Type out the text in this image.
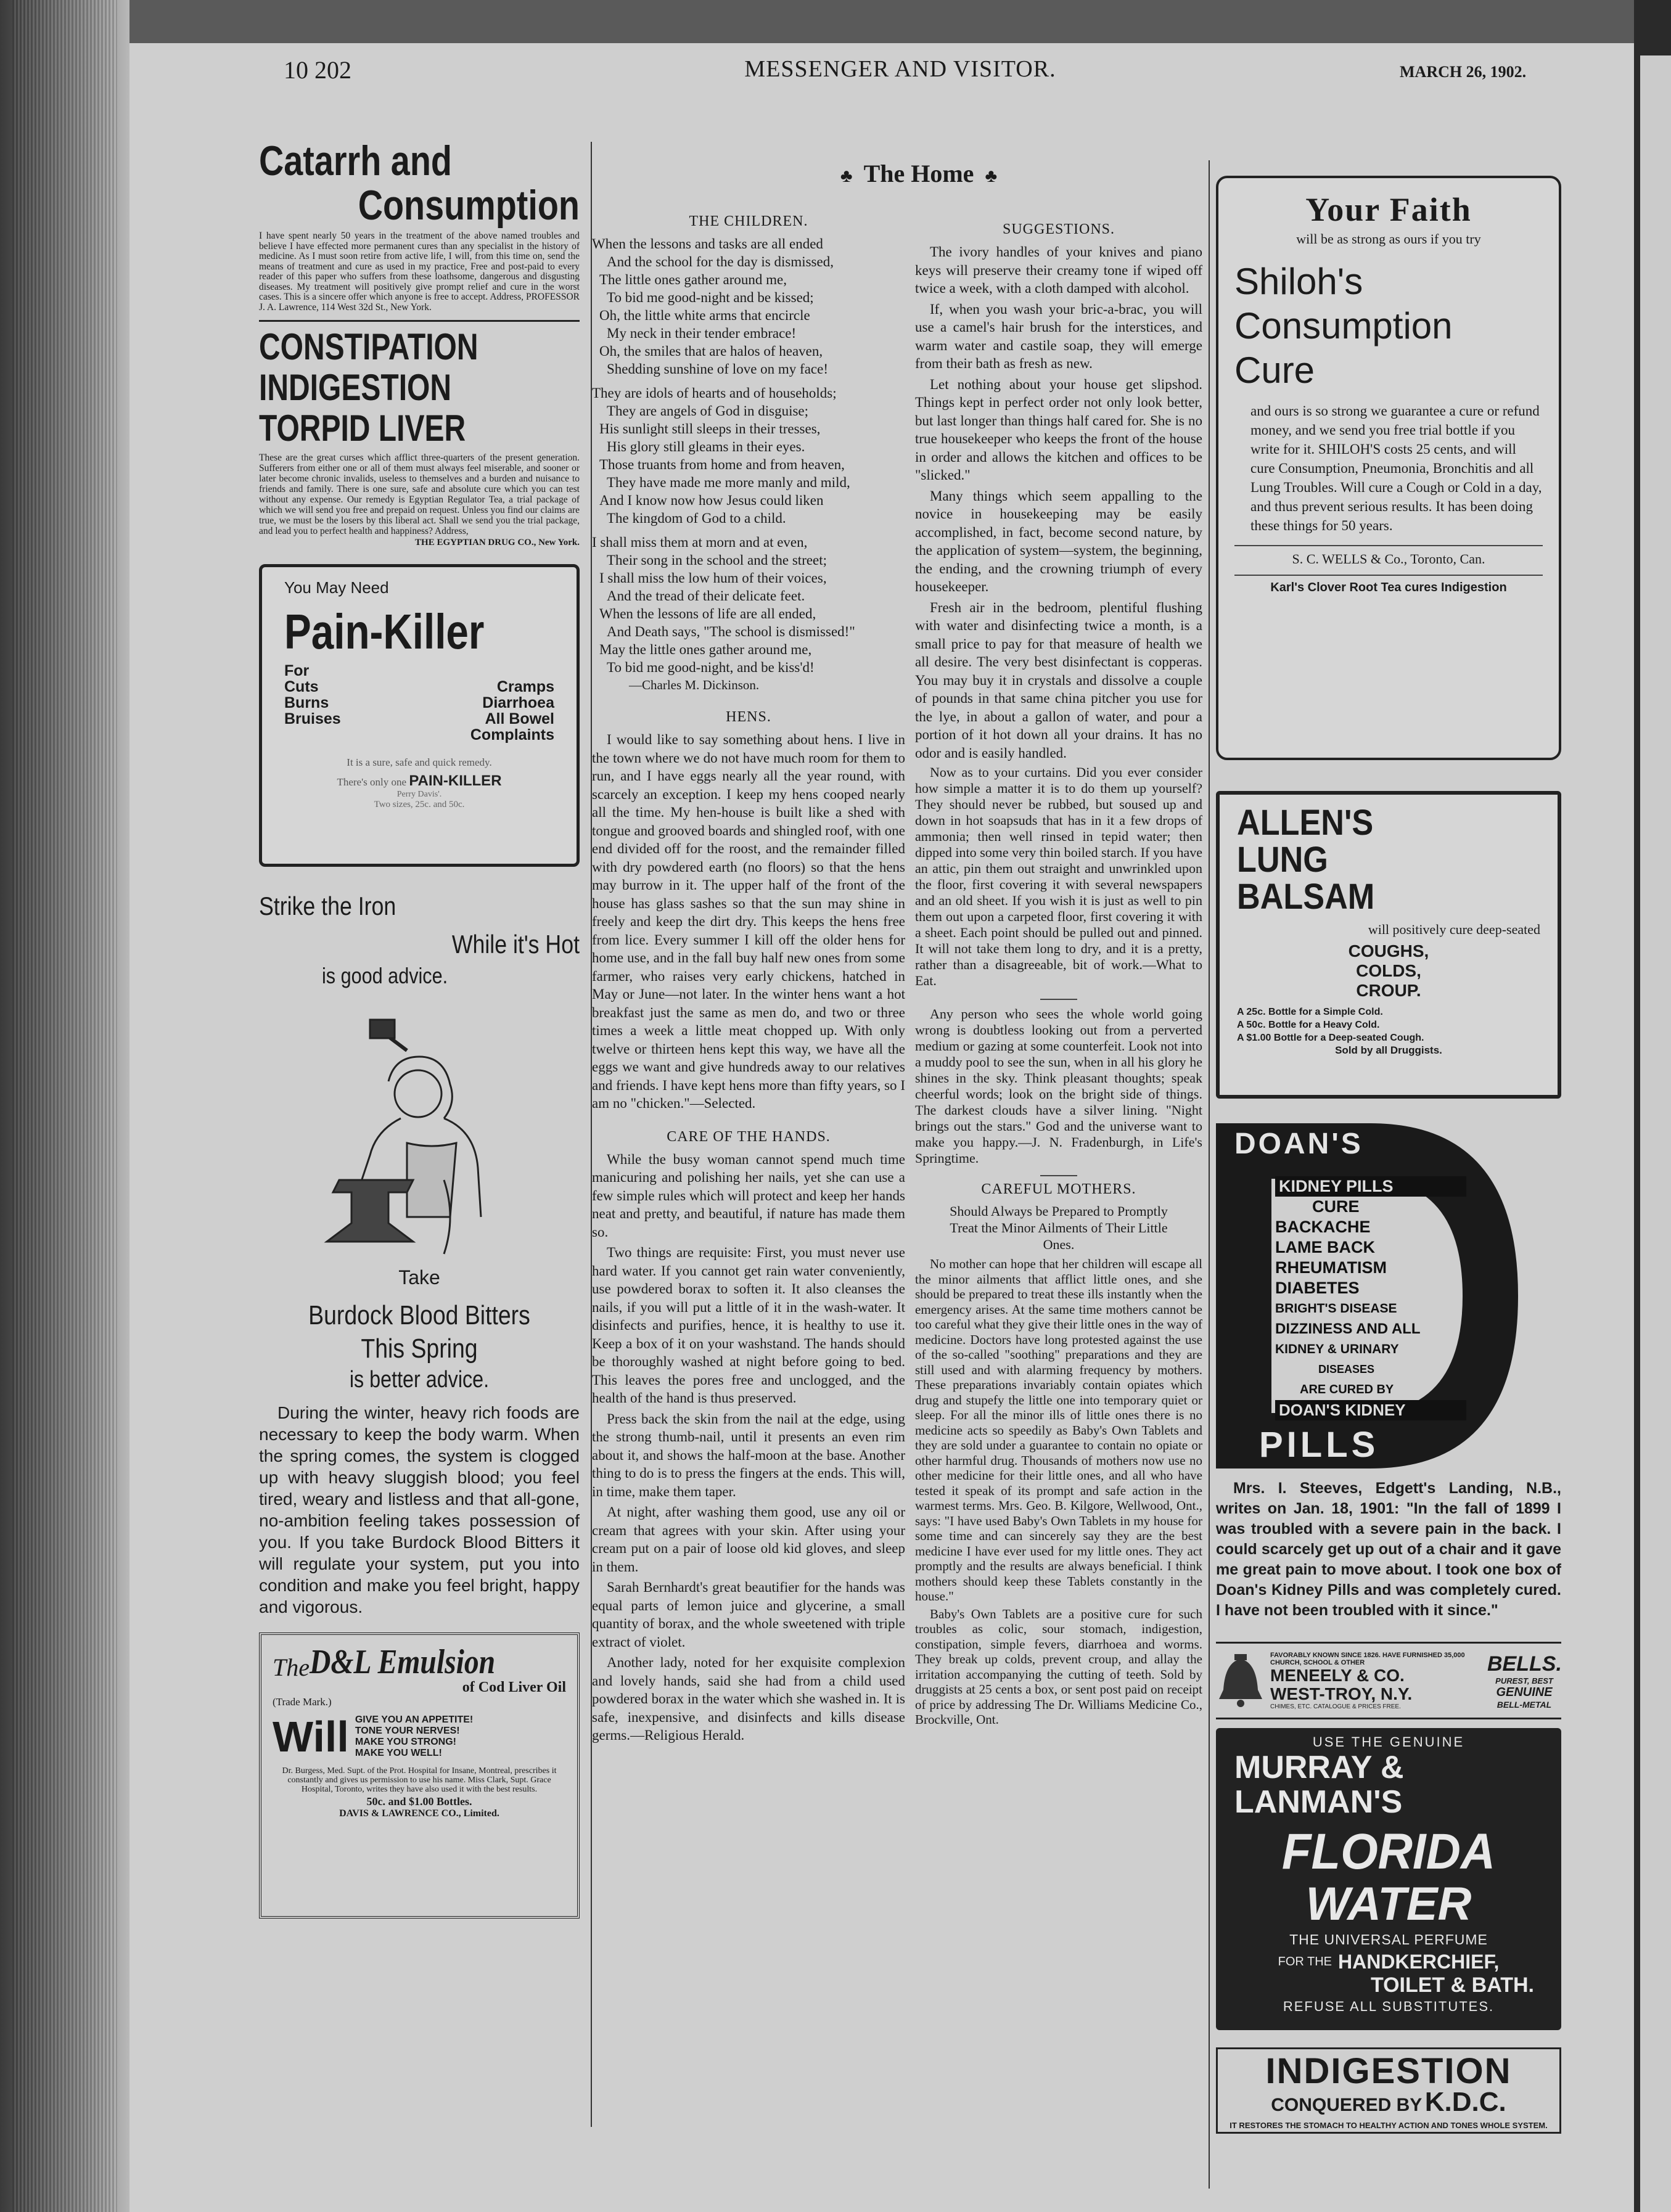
10 202	MESSENGER AND VISITOR.	MARCH 26, 1902.
Catarrh and
Consumption
I have spent nearly 50 years in the treatment of the above named troubles and believe I have effected more permanent cures than any specialist in the history of medicine. As I must soon retire from active life, I will, from this time on, send the means of treatment and cure as used in my practice, Free and post-paid to every reader of this paper who suffers from these loathsome, dangerous and disgusting diseases. My treatment will positively give prompt relief and cure in the worst cases. This is a sincere offer which anyone is free to accept. Address, PROFESSOR J. A. Lawrence, 114 West 32d St., New York.
CONSTIPATION
INDIGESTION
TORPID LIVER
These are the great curses which afflict three-quarters of the present generation. Sufferers from either one or all of them must always feel miserable, and sooner or later become chronic invalids, useless to themselves and a burden and nuisance to friends and family. There is one sure, safe and absolute cure which you can test without any expense. Our remedy is Egyptian Regulator Tea, a trial package of which we will send you free and prepaid on request. Unless you find our claims are true, we must be the losers by this liberal act. Shall we send you the trial package, and lead you to perfect health and happiness? Address,
THE EGYPTIAN DRUG CO., New York.
You May Need
Pain-Killer
For
Cuts
Burns
Bruises
Cramps
Diarrhoea
All Bowel
Complaints
It is a sure, safe and quick remedy.
There's only one PAIN-KILLER
Perry Davis'.
Two sizes, 25c. and 50c.
Strike the Iron
While it's Hot
is good advice.
Take
Burdock Blood Bitters
This Spring
is better advice.
During the winter, heavy rich foods are necessary to keep the body warm. When the spring comes, the system is clogged up with heavy sluggish blood; you feel tired, weary and listless and that all-gone, no-ambition feeling takes possession of you. If you take Burdock Blood Bitters it will regulate your system, put you into condition and make you feel bright, happy and vigorous.
The D&L Emulsion
of Cod Liver Oil
(Trade Mark.)
Will GIVE YOU AN APPETITE!
TONE YOUR NERVES!
MAKE YOU STRONG!
MAKE YOU WELL!
Dr. Burgess, Med. Supt. of the Prot. Hospital for Insane, Montreal, prescribes it constantly and gives us permission to use his name. Miss Clark, Supt. Grace Hospital, Toronto, writes they have also used it with the best results.
50c. and $1.00 Bottles.
DAVIS & LAWRENCE CO., Limited.
♣ The Home ♣
THE CHILDREN.
When the lessons and tasks are all ended
And the school for the day is dismissed,
The little ones gather around me,
To bid me good-night and be kissed;
Oh, the little white arms that encircle
My neck in their tender embrace!
Oh, the smiles that are halos of heaven,
Shedding sunshine of love on my face!
They are idols of hearts and of households;
They are angels of God in disguise;
His sunlight still sleeps in their tresses,
His glory still gleams in their eyes.
Those truants from home and from heaven,
They have made me more manly and mild,
And I know now how Jesus could liken
The kingdom of God to a child.
I shall miss them at morn and at even,
Their song in the school and the street;
I shall miss the low hum of their voices,
And the tread of their delicate feet.
When the lessons of life are all ended,
And Death says, "The school is dismissed!"
May the little ones gather around me,
To bid me good-night, and be kiss'd!
—Charles M. Dickinson.
HENS.
I would like to say something about hens. I live in the town where we do not have much room for them to run, and I have eggs nearly all the year round, with scarcely an exception. I keep my hens cooped nearly all the time. My hen-house is built like a shed with tongue and grooved boards and shingled roof, with one end divided off for the roost, and the remainder filled with dry powdered earth (no floors) so that the hens may burrow in it. The upper half of the front of the house has glass sashes so that the sun may shine in freely and keep the dirt dry. This keeps the hens free from lice. Every summer I kill off the older hens for home use, and in the fall buy half new ones from some farmer, who raises very early chickens, hatched in May or June—not later. In the winter hens want a hot breakfast just the same as men do, and two or three times a week a little meat chopped up. With only twelve or thirteen hens kept this way, we have all the eggs we want and give hundreds away to our relatives and friends. I have kept hens more than fifty years, so I am no "chicken."—Selected.
CARE OF THE HANDS.

While the busy woman cannot spend much time manicuring and polishing her nails, yet she can use a few simple rules which will protect and keep her hands neat and pretty, and beautiful, if nature has made them so.

Two things are requisite: First, you must never use hard water. If you cannot get rain water conveniently, use powdered borax to soften it. It also cleanses the nails, if you will put a little of it in the wash-water. It disinfects and purifies, hence, it is healthy to use it. Keep a box of it on your washstand. The hands should be thoroughly washed at night before going to bed. This leaves the pores free and unclogged, and the health of the hand is thus preserved.

Press back the skin from the nail at the edge, using the strong thumb-nail, until it presents an even rim about it, and shows the half-moon at the base. Another thing to do is to press the fingers at the ends. This will, in time, make them taper.

At night, after washing them good, use any oil or cream that agrees with your skin. After using your cream put on a pair of loose old kid gloves, and sleep in them.

Sarah Bernhardt's great beautifier for the hands was equal parts of lemon juice and glycerine, a small quantity of borax, and the whole sweetened with triple extract of violet.

Another lady, noted for her exquisite complexion and lovely hands, said she had from a child used powdered borax in the water which she washed in. It is safe, inexpensive, and disinfects and kills disease germs.—Religious Herald.

SUGGESTIONS.

The ivory handles of your knives and piano keys will preserve their creamy tone if wiped off twice a week, with a cloth damped with alcohol.

If, when you wash your bric-a-brac, you will use a camel's hair brush for the interstices, and warm water and castile soap, they will emerge from their bath as fresh as new.

Let nothing about your house get slipshod. Things kept in perfect order not only look better, but last longer than things half cared for. She is no true housekeeper who keeps the front of the house in order and allows the kitchen and offices to be "slicked."

Many things which seem appalling to the novice in housekeeping may be easily accomplished, in fact, become second nature, by the application of system—system, the beginning, the ending, and the crowning triumph of every housekeeper.

Fresh air in the bedroom, plentiful flushing with water and disinfecting twice a month, is a small price to pay for that measure of health we all desire. The very best disinfectant is copperas. You may buy it in crystals and dissolve a couple of pounds in that same china pitcher you use for the lye, in about a gallon of water, and pour a portion of it hot down all your drains. It has no odor and is easily handled.

Now as to your curtains. Did you ever consider how simple a matter it is to do them up yourself? They should never be rubbed, but soused up and down in hot soapsuds that has in it a few drops of ammonia; then well rinsed in tepid water; then dipped into some very thin boiled starch. If you have an attic, pin them out straight and unwrinkled upon the floor, first covering it with several newspapers and an old sheet. If you wish it is just as well to pin them out upon a carpeted floor, first covering it with a sheet. Each point should be pulled out and pinned. It will not take them long to dry, and it is a pretty, rather than a disagreeable, bit of work.—What to Eat.

Any person who sees the whole world going wrong is doubtless looking out from a perverted medium or gazing at some counterfeit. Look not into a muddy pool to see the sun, when in all his glory he shines in the sky. Think pleasant thoughts; speak cheerful words; look on the bright side of things. The darkest clouds have a silver lining. "Night brings out the stars." God and the universe want to make you happy.—J. N. Fradenburgh, in Life's Springtime.
CAREFUL MOTHERS.
Should Always be Prepared to Promptly Treat the Minor Ailments of Their Little Ones.

No mother can hope that her children will escape all the minor ailments that afflict little ones, and she should be prepared to treat these ills instantly when the emergency arises. At the same time mothers cannot be too careful what they give their little ones in the way of medicine. Doctors have long protested against the use of the so-called "soothing" preparations and they are still used and with alarming frequency by mothers. These preparations invariably contain opiates which drug and stupefy the little one into temporary quiet or sleep. For all the minor ills of little ones there is no medicine acts so speedily as Baby's Own Tablets and they are sold under a guarantee to contain no opiate or other harmful drug. Thousands of mothers now use no other medicine for their little ones, and all who have tested it speak of its prompt and safe action in the warmest terms. Mrs. Geo. B. Kilgore, Wellwood, Ont., says: "I have used Baby's Own Tablets in my house for some time and can sincerely say they are the best medicine I have ever used for my little ones. They act promptly and the results are always beneficial. I think mothers should keep these Tablets constantly in the house."

Baby's Own Tablets are a positive cure for such troubles as colic, sour stomach, indigestion, constipation, simple fevers, diarrhoea and worms. They break up colds, prevent croup, and allay the irritation accompanying the cutting of teeth. Sold by druggists at 25 cents a box, or sent post paid on receipt of price by addressing The Dr. Williams Medicine Co., Brockville, Ont.

Your Faith
will be as strong as ours if you try
Shiloh's
Consumption
Cure
and ours is so strong we guarantee a cure or refund money, and we send you free trial bottle if you write for it. SHILOH'S costs 25 cents, and will cure Consumption, Pneumonia, Bronchitis and all Lung Troubles. Will cure a Cough or Cold in a day, and thus prevent serious results. It has been doing these things for 50 years.
S. C. WELLS & Co., Toronto, Can.
Karl's Clover Root Tea cures Indigestion
ALLEN'S
LUNG
BALSAM
will positively cure deep-seated
COUGHS,
COLDS,
CROUP.
A 25c. Bottle for a Simple Cold.
A 50c. Bottle for a Heavy Cold.
A $1.00 Bottle for a Deep-seated Cough.
Sold by all Druggists.
DOAN'S
KIDNEY PILLS
CURE
BACKACHE
LAME BACK
RHEUMATISM
DIABETES
BRIGHT'S DISEASE
DIZZINESS AND ALL
KIDNEY & URINARY
DISEASES
ARE CURED BY
DOAN'S KIDNEY
PILLS
Mrs. I. Steeves, Edgett's Landing, N.B., writes on Jan. 18, 1901: "In the fall of 1899 I was troubled with a severe pain in the back. I could scarcely get up out of a chair and it gave me great pain to move about. I took one box of Doan's Kidney Pills and was completely cured. I have not been troubled with it since."
FAVORABLY KNOWN SINCE 1826. HAVE FURNISHED 35,000 CHURCH, SCHOOL & OTHER
MENEELY & CO.
WEST-TROY, N.Y.
CHIMES, ETC. CATALOGUE & PRICES FREE.
BELLS.
PUREST, BEST
GENUINE
BELL-METAL
USE THE GENUINE
MURRAY &
LANMAN'S
FLORIDA
WATER
THE UNIVERSAL PERFUME
FOR THE HANDKERCHIEF,
TOILET & BATH.
REFUSE ALL SUBSTITUTES.
INDIGESTION
CONQUERED BY K.D.C.
IT RESTORES THE STOMACH TO HEALTHY ACTION AND TONES WHOLE SYSTEM.
